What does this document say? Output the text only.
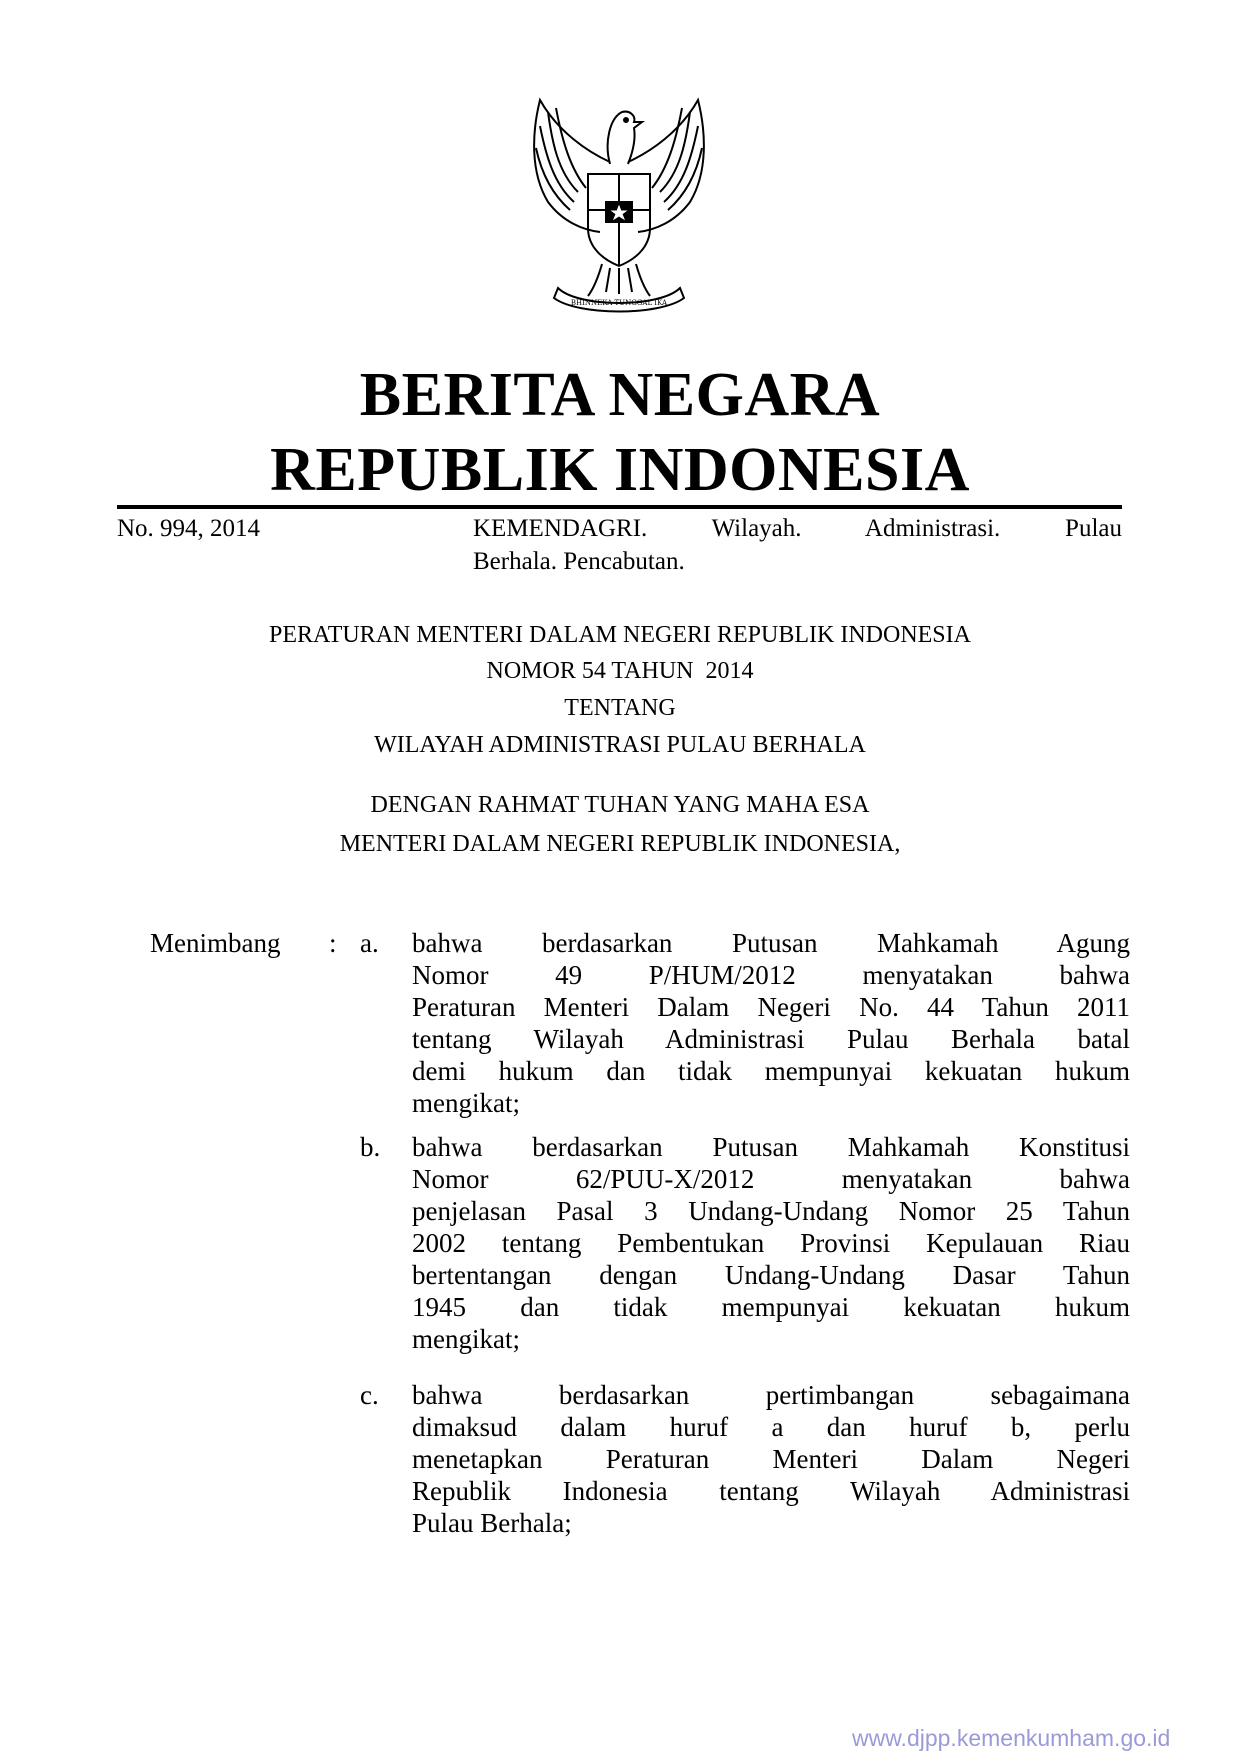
BHINNEKA TUNGGAL IKA
BERITA NEGARA
REPUBLIK INDONESIA
No. 994, 2014	KEMENDAGRI. Wilayah. Administrasi. Pulau
Berhala. Pencabutan.
PERATURAN MENTERI DALAM NEGERI REPUBLIK INDONESIA
NOMOR 54 TAHUN  2014
TENTANG
WILAYAH ADMINISTRASI PULAU BERHALA
DENGAN RAHMAT TUHAN YANG MAHA ESA
MENTERI DALAM NEGERI REPUBLIK INDONESIA,
Menimbang : a. bahwa berdasarkan Putusan Mahkamah Agung
Nomor 49 P/HUM/2012 menyatakan bahwa
Peraturan Menteri Dalam Negeri No. 44 Tahun 2011
tentang Wilayah Administrasi Pulau Berhala batal
demi hukum dan tidak mempunyai kekuatan hukum
mengikat;
b. bahwa berdasarkan Putusan Mahkamah Konstitusi
Nomor 62/PUU-X/2012 menyatakan bahwa
penjelasan Pasal 3 Undang-Undang Nomor 25 Tahun
2002 tentang Pembentukan Provinsi Kepulauan Riau
bertentangan dengan Undang-Undang Dasar Tahun
1945 dan tidak mempunyai kekuatan hukum
mengikat;
c. bahwa berdasarkan pertimbangan sebagaimana
dimaksud dalam huruf a dan huruf b, perlu
menetapkan Peraturan Menteri Dalam Negeri
Republik Indonesia tentang Wilayah Administrasi
Pulau Berhala;
www.djpp.kemenkumham.go.id
